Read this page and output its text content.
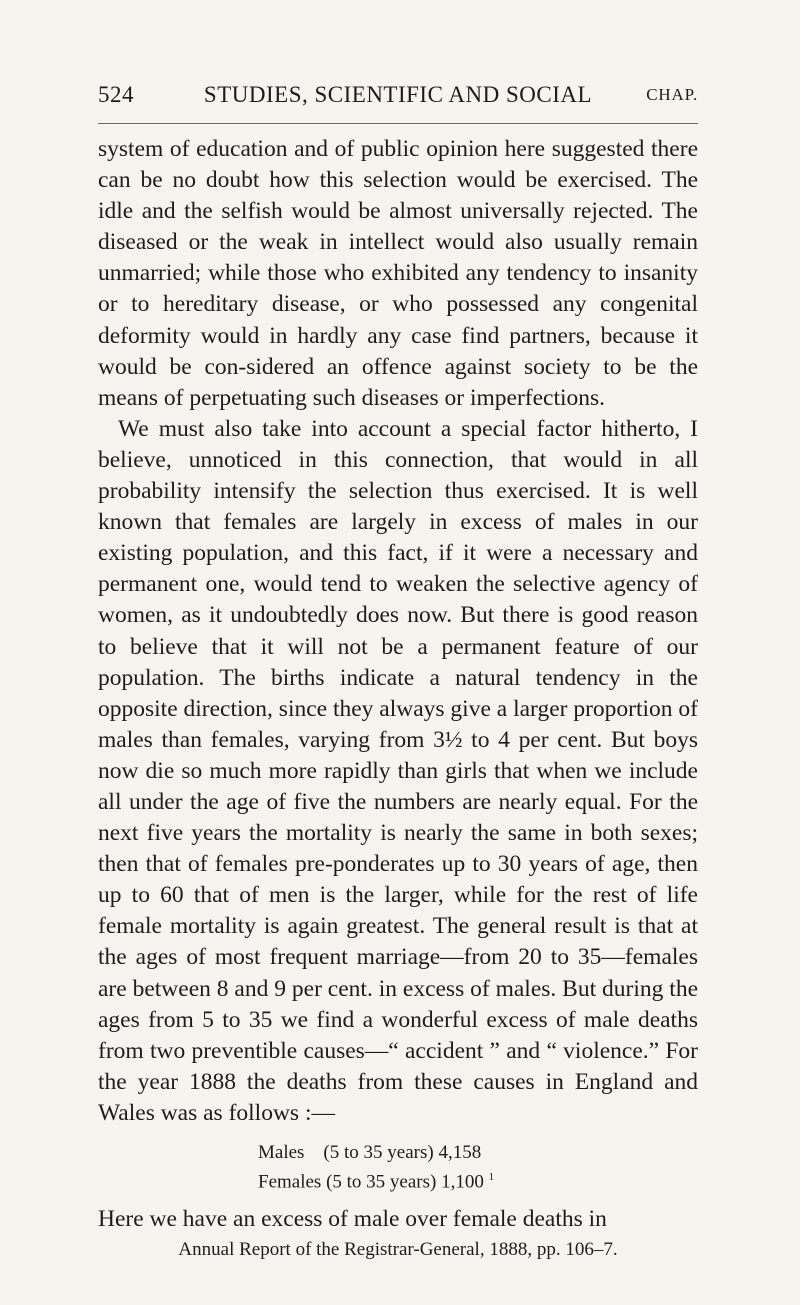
524	STUDIES, SCIENTIFIC AND SOCIAL	CHAP.

system of education and of public opinion here suggested there can be no doubt how this selection would be exercised. The idle and the selfish would be almost universally rejected. The diseased or the weak in intellect would also usually remain unmarried; while those who exhibited any tendency to insanity or to hereditary disease, or who possessed any congenital deformity would in hardly any case find partners, because it would be con-sidered an offence against society to be the means of perpetuating such diseases or imperfections.

We must also take into account a special factor hitherto, I believe, unnoticed in this connection, that would in all probability intensify the selection thus exercised. It is well known that females are largely in excess of males in our existing population, and this fact, if it were a necessary and permanent one, would tend to weaken the selective agency of women, as it undoubtedly does now. But there is good reason to believe that it will not be a permanent feature of our population. The births indicate a natural tendency in the opposite direction, since they always give a larger proportion of males than females, varying from 3½ to 4 per cent. But boys now die so much more rapidly than girls that when we include all under the age of five the numbers are nearly equal. For the next five years the mortality is nearly the same in both sexes; then that of females pre-ponderates up to 30 years of age, then up to 60 that of men is the larger, while for the rest of life female mortality is again greatest. The general result is that at the ages of most frequent marriage—from 20 to 35—females are between 8 and 9 per cent. in excess of males. But during the ages from 5 to 35 we find a wonderful excess of male deaths from two preventible causes—“ accident ” and “ violence.” For the year 1888 the deaths from these causes in England and Wales was as follows :—

Males    (5 to 35 years) 4,158
Females (5 to 35 years) 1,100 $^1$

Here we have an excess of male over female deaths in

Annual Report of the Registrar-General, 1888, pp. 106–7.
